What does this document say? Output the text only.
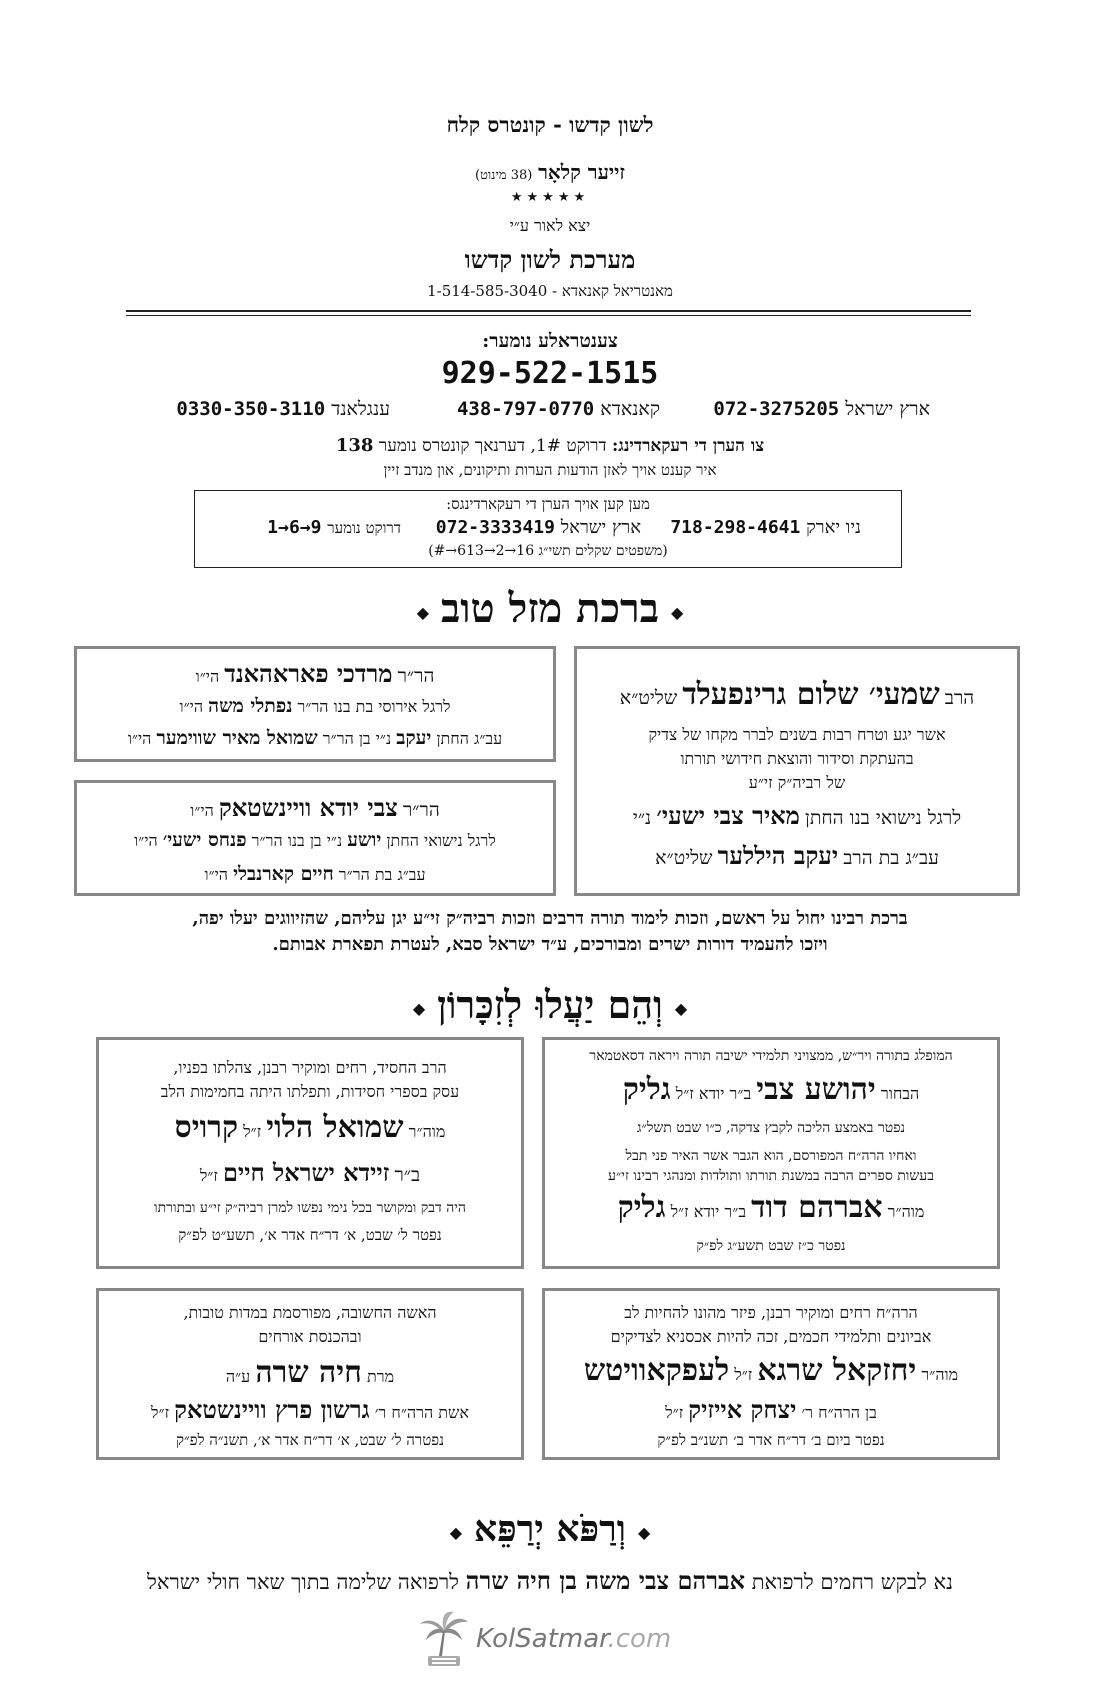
לשון קדשו - קונטרס קלח
זייער קלאָר (38 מינוט)
★★★★★
יצא לאור ע״י
מערכת לשון קדשו
מאנטריאל קאנאדא - 1-514-585-3040
צענטראלע נומער:
929-522-1515
ארץ ישראל 072-3275205
קאנאדא 438-797-0770
ענגלאנד 0330-350-3110
צו הערן די רעקארדינג: דרוקט 1#, דערנאך קונטרס נומער 138
איר קענט אויך לאזן הודעות הערות ותיקונים, און מנדב זיין
מען קען אויך הערן די רעקארדינגס:
ניו יארק 718-298-4641
ארץ ישראל 072-3333419
דרוקט נומער 9→6→1
(משפטים שקלים תשי״ג 16→2→613→#)
◆ברכת מזל טוב◆
הרב שמעי׳ שלום גרינפעלד שליט״א
אשר יגע וטרח רבות בשנים לברר מקחו של צדיק
בהעתקת וסידור והוצאת חידושי תורתו
של רביה״ק זי״ע
לרגל נישואי בנו החתן מאיר צבי ישעי׳ נ״י
עב״ג בת הרב יעקב היללער שליט״א
הר״ר מרדכי פאראהאנד הי״ו
לרגל אירוסי בת בנו הר״ר נפתלי משה הי״ו
עב״ג החתן יעקב נ״י בן הר״ר שמואל מאיר שווימער הי״ו
הר״ר צבי יודא וויינשטאק הי״ו
לרגל נישואי החתן יושע נ״י בן בנו הר״ר פנחס ישעי׳ הי״ו
עב״ג בת הר״ר חיים קארנבלי הי״ו
ברכת רבינו יחול על ראשם, וזכות לימוד תורה דרבים וזכות רביה״ק זי״ע יגן עליהם, שהזיווגים יעלו יפה,
ויזכו להעמיד דורות ישרים ומבורכים, ע״ד ישראל סבא, לעטרת תפארת אבותם.
◆וְהֵם יַעֲלוּ לְזִכָּרוֹן◆
המופלג בתורה ויר״ש, ממצויני תלמידי ישיבה תורה ויראה דסאטמאר
הבחור יהושע צבי ב״ר יודא ז״ל גליק
נפטר באמצע הליכה לקבץ צדקה, כ״ו שבט תשל״ג
ואחיו הרה״ח המפורסם, הוא הגבר אשר האיר פני תבל
בעשות ספרים הרבה במשנת תורתו ותולדות ומנהגי רבינו זי״ע
מוה״ר אברהם דוד ב״ר יודא ז״ל גליק
נפטר כ״ז שבט תשע״ג לפ״ק
הרב החסיד, רחים ומוקיר רבנן, צהלתו בפניו,
עסק בספרי חסידות, ותפלתו היתה בחמימות הלב
מוה״ר שמואל הלוי ז״ל קרויס
ב״ר זיידא ישראל חיים ז״ל
היה דבק ומקושר בכל נימי נפשו למרן רביה״ק זי״ע ובתורתו
נפטר ל׳ שבט, א׳ דר״ח אדר א׳, תשע״ט לפ״ק
הרה״ח רחים ומוקיר רבנן, פיזר מהונו להחיות לב
אביונים ותלמידי חכמים, זכה להיות אכסניא לצדיקים
מוה״ר יחזקאל שרגא ז״ל לעפקאוויטש
בן הרה״ח ר׳ יצחק אייזיק ז״ל
נפטר ביום ב׳ דר״ח אדר ב׳ תשנ״ב לפ״ק
האשה החשובה, מפורסמת במדות טובות,
ובהכנסת אורחים
מרת חיה שרה ע״ה
אשת הרה״ח ר׳ גרשון פרץ וויינשטאק ז״ל
נפטרה ל׳ שבט, א׳ דר״ח אדר א׳, תשנ״ה לפ״ק
◆וְרַפֹּא יְרַפֵּא◆
נא לבקש רחמים לרפואת אברהם צבי משה בן חיה שרה לרפואה שלימה בתוך שאר חולי ישראל
KolSatmar.com
